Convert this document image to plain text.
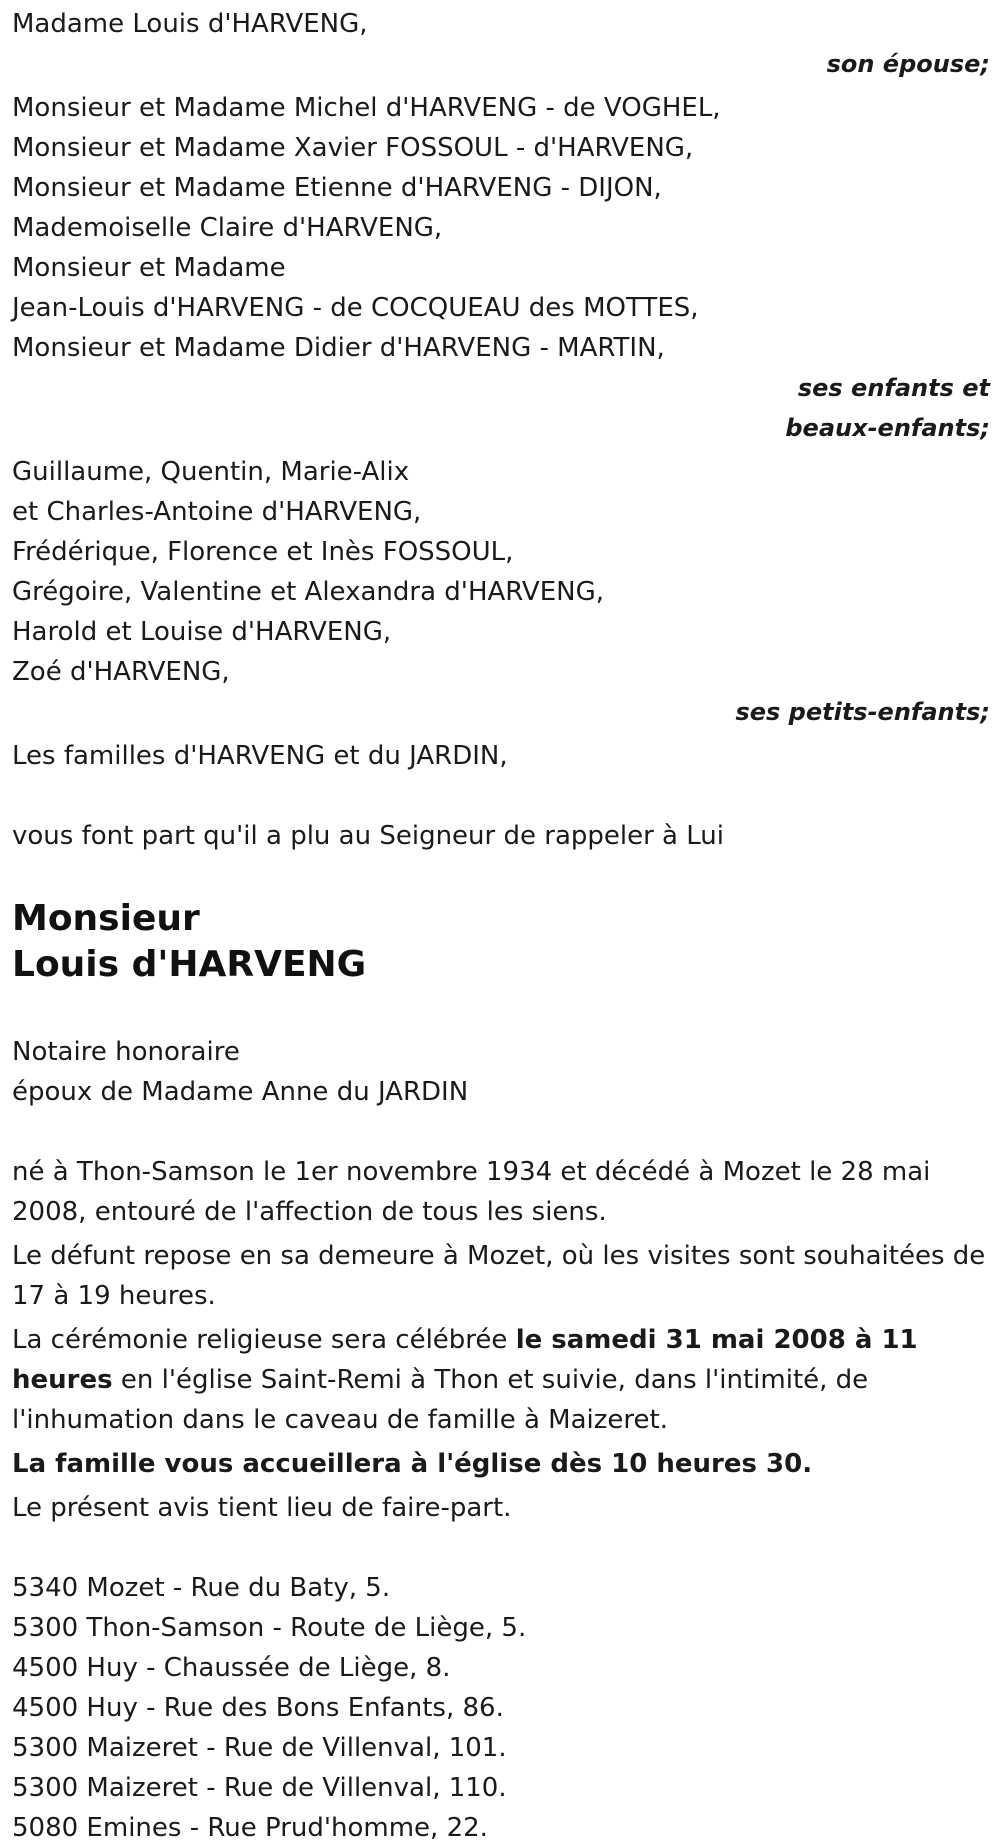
Madame Louis d'HARVENG,

son épouse;

Monsieur et Madame Michel d'HARVENG - de VOGHEL,

Monsieur et Madame Xavier FOSSOUL - d'HARVENG,

Monsieur et Madame Etienne d'HARVENG - DIJON,

Mademoiselle Claire d'HARVENG,

Monsieur et Madame

Jean-Louis d'HARVENG - de COCQUEAU des MOTTES,

Monsieur et Madame Didier d'HARVENG - MARTIN,

ses enfants et

beaux-enfants;

Guillaume, Quentin, Marie-Alix

et Charles-Antoine d'HARVENG,

Frédérique, Florence et Inès FOSSOUL,

Grégoire, Valentine et Alexandra d'HARVENG,

Harold et Louise d'HARVENG,

Zoé d'HARVENG,

ses petits-enfants;

Les familles d'HARVENG et du JARDIN,

vous font part qu'il a plu au Seigneur de rappeler à Lui

Monsieur

Louis d'HARVENG

Notaire honoraire

époux de Madame Anne du JARDIN

né à Thon-Samson le 1er novembre 1934 et décédé à Mozet le 28 mai 2008, entouré de l'affection de tous les siens.

Le défunt repose en sa demeure à Mozet, où les visites sont souhaitées de 17 à 19 heures.

La cérémonie religieuse sera célébrée le samedi 31 mai 2008 à 11 heures en l'église Saint-Remi à Thon et suivie, dans l'intimité, de l'inhumation dans le caveau de famille à Maizeret.

La famille vous accueillera à l'église dès 10 heures 30.

Le présent avis tient lieu de faire-part.

5340 Mozet - Rue du Baty, 5.

5300 Thon-Samson - Route de Liège, 5.

4500 Huy - Chaussée de Liège, 8.

4500 Huy - Rue des Bons Enfants, 86.

5300 Maizeret - Rue de Villenval, 101.

5300 Maizeret - Rue de Villenval, 110.

5080 Emines - Rue Prud'homme, 22.
